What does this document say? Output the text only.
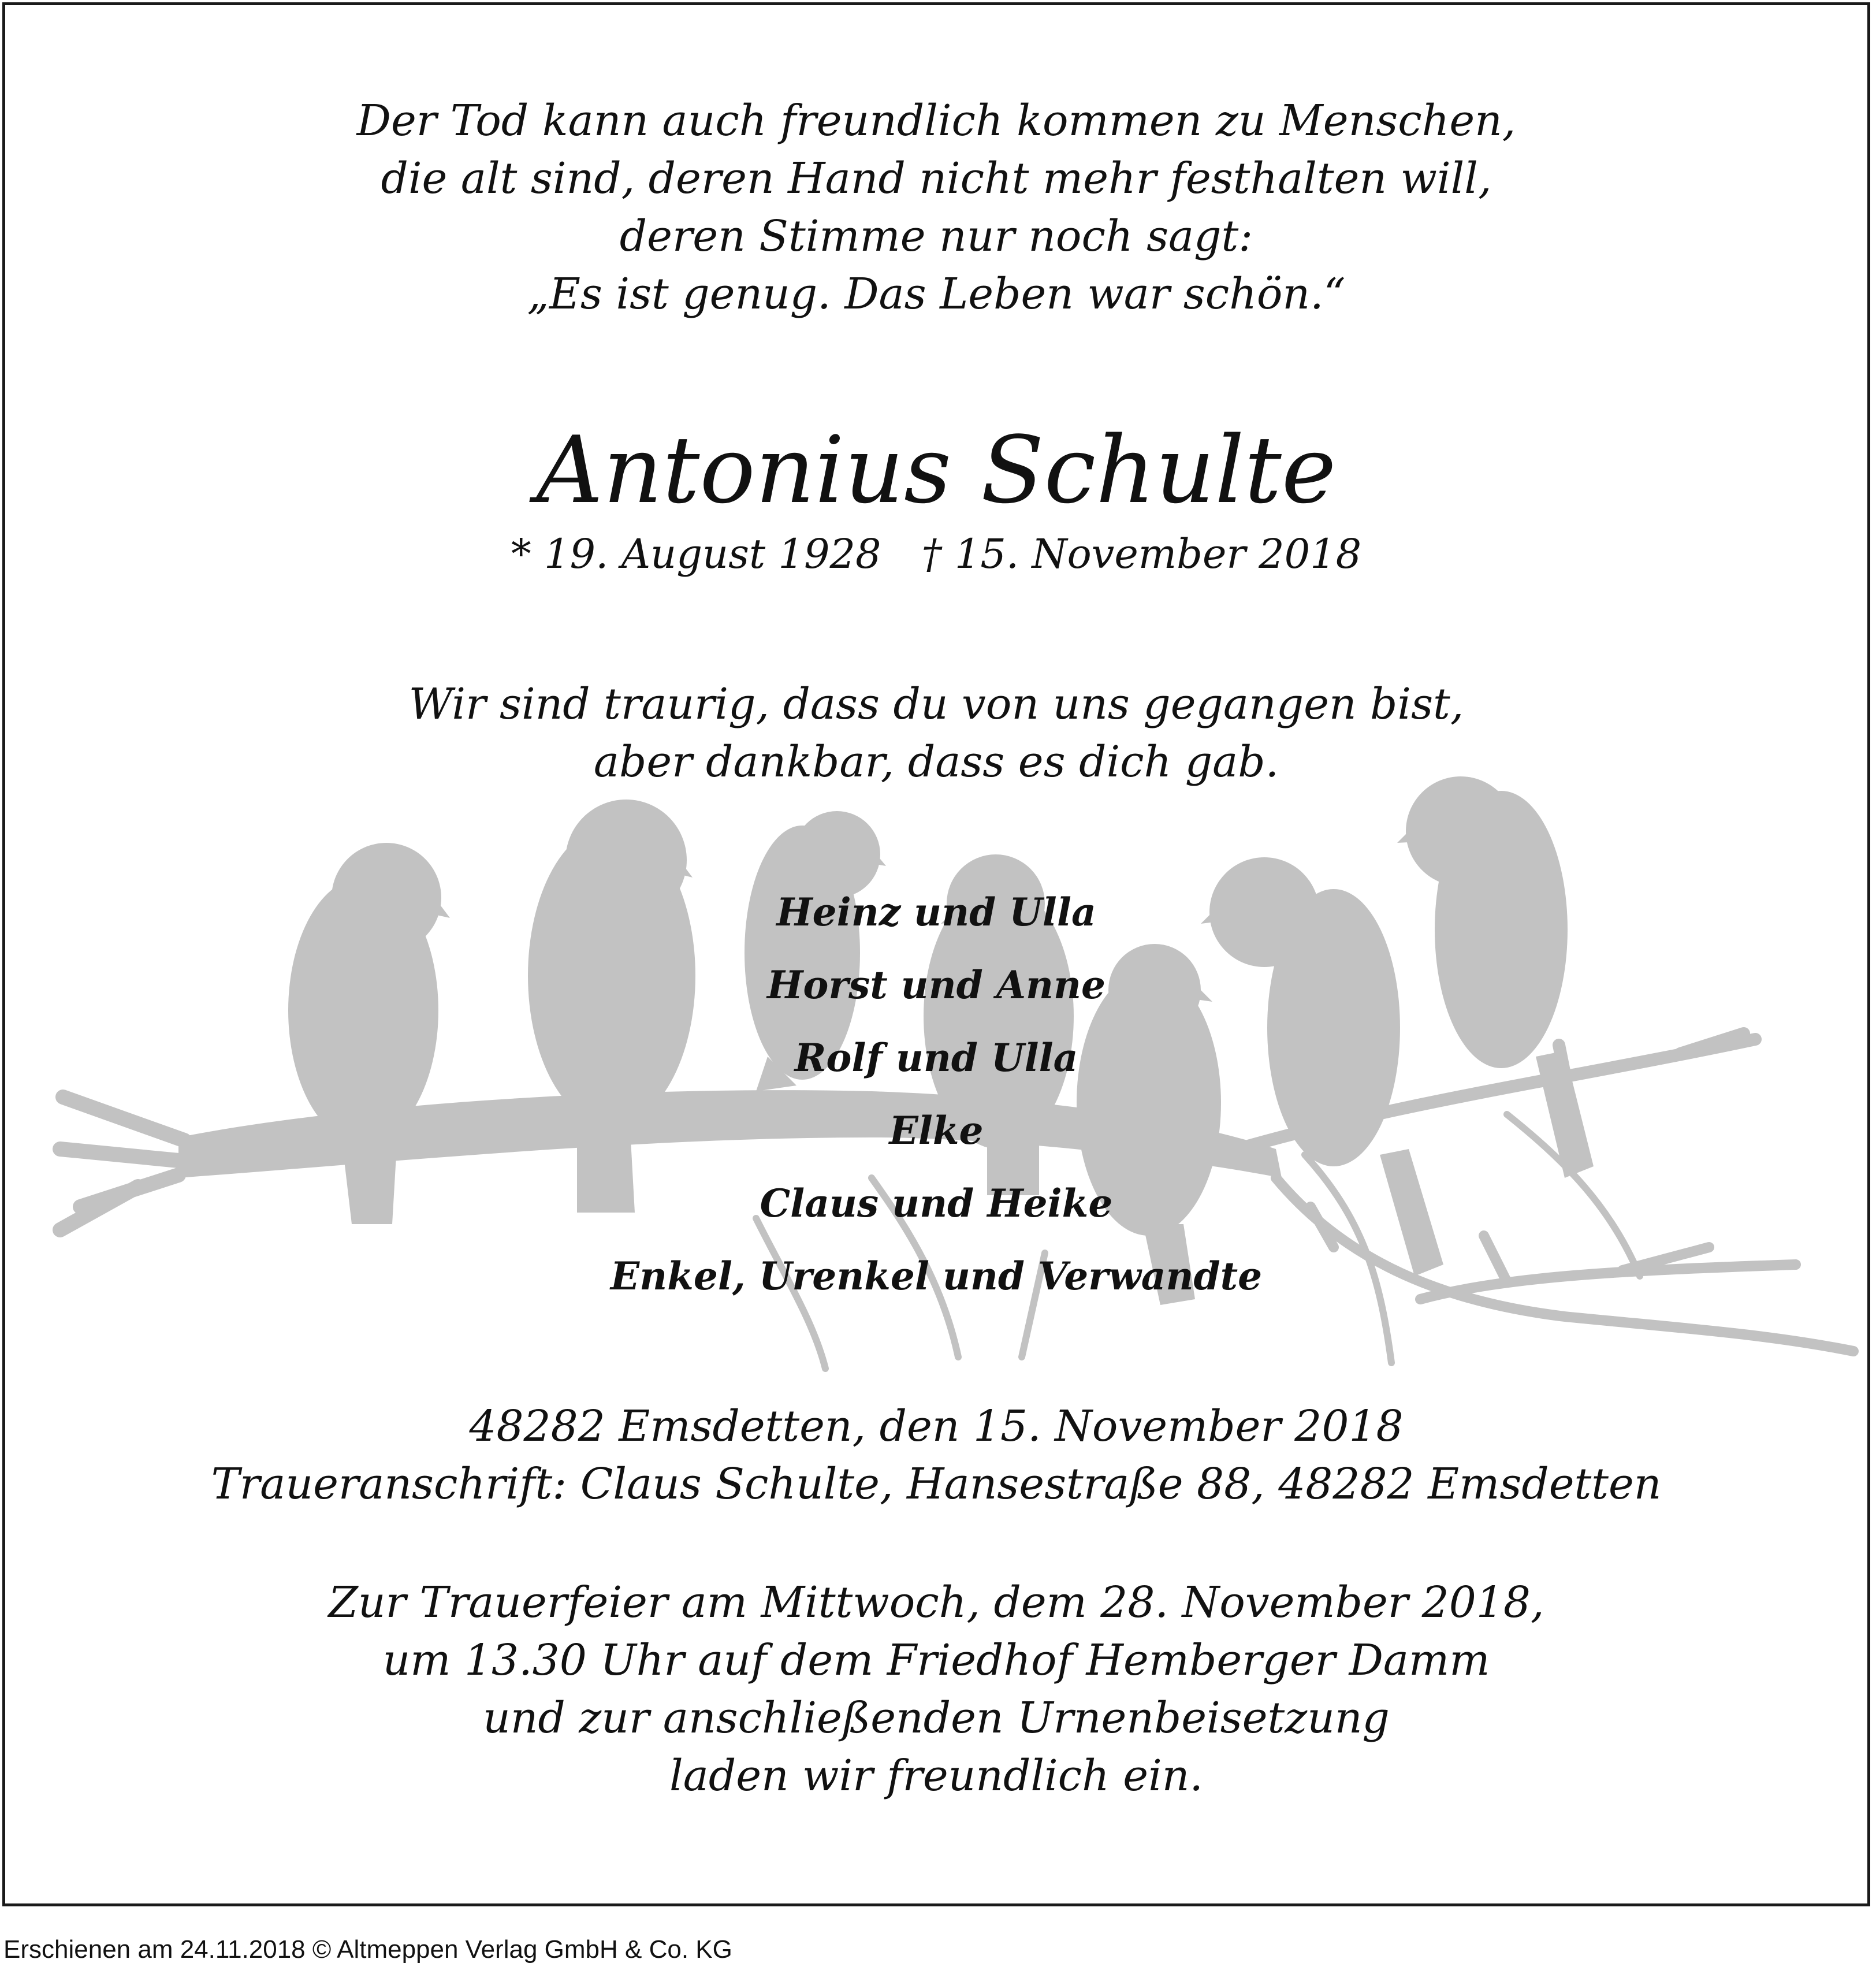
Der Tod kann auch freundlich kommen zu Menschen,
die alt sind, deren Hand nicht mehr festhalten will,
deren Stimme nur noch sagt:
„Es ist genug. Das Leben war schön.“
Antonius Schulte
* 19. August 1928 † 15. November 2018
Wir sind traurig, dass du von uns gegangen bist,
aber dankbar, dass es dich gab.
Heinz und Ulla
Horst und Anne
Rolf und Ulla
Elke
Claus und Heike
Enkel, Urenkel und Verwandte
48282 Emsdetten, den 15. November 2018
Traueranschrift: Claus Schulte, Hansestraße 88, 48282 Emsdetten
Zur Trauerfeier am Mittwoch, dem 28. November 2018,
um 13.30 Uhr auf dem Friedhof Hemberger Damm
und zur anschließenden Urnenbeisetzung
laden wir freundlich ein.
Erschienen am 24.11.2018 © Altmeppen Verlag GmbH & Co. KG
